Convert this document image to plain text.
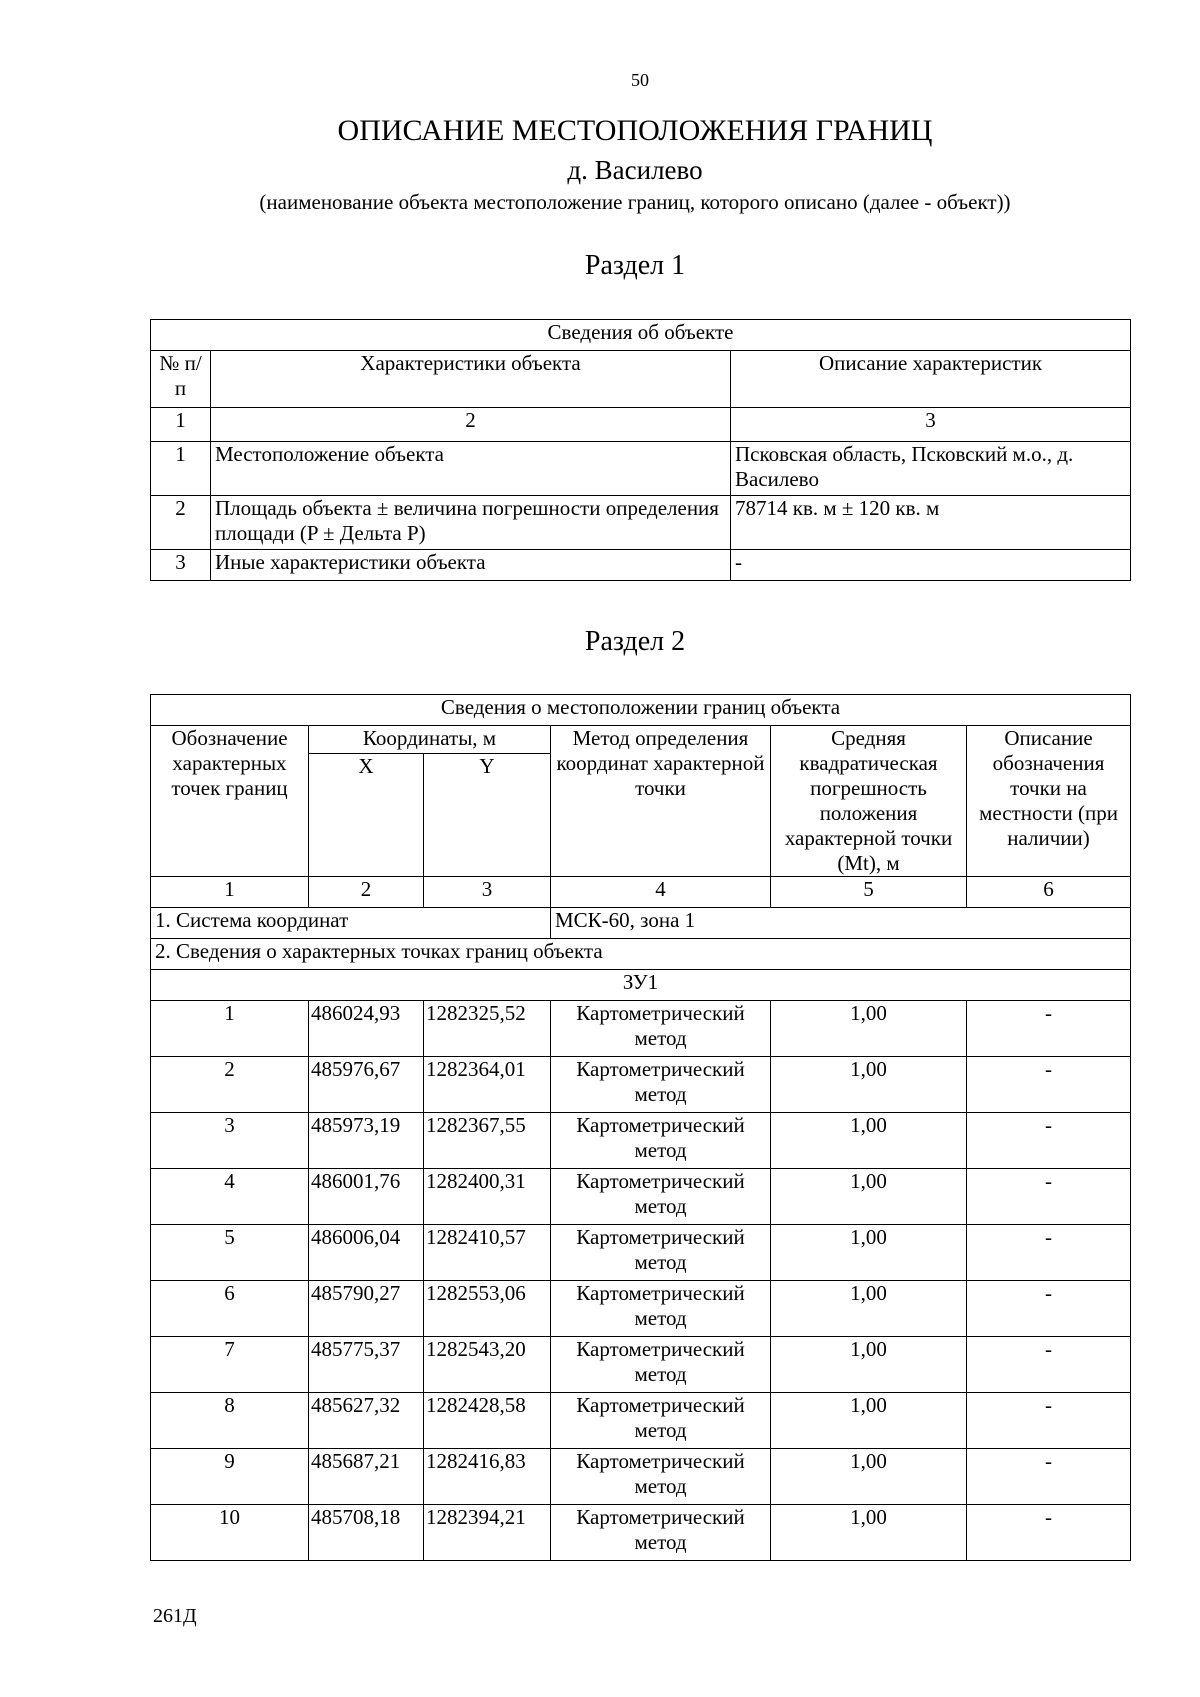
50
ОПИСАНИЕ МЕСТОПОЛОЖЕНИЯ ГРАНИЦ
д. Василево
(наименование объекта местоположение границ, которого описано (далее - объект))
Раздел 1
Сведения об объекте		
№ п/п	Характеристики объекта	Описание характеристик
1	2	3
1	Местоположение объекта	Псковская область, Псковский м.о., д. Василево
2	Площадь объекта ± величина погрешности определения площади (P ± Дельта P)	78714 кв. м ± 120 кв. м
3	Иные характеристики объекта	-
Раздел 2
Сведения о местоположении границ объекта					
Обозначение характерных точек границ	Координаты, м		Метод определения координат характерной точки	Средняя квадратическая погрешность положения характерной точки (Mt), м	Описание обозначения точки на местности (при наличии)
	X	Y			
1	2	3	4	5	6
1. Система координат			МСК-60, зона 1		
2. Сведения о характерных точках границ объекта					
ЗУ1					
1	486024,93	1282325,52	Картометрический метод	1,00	-
2	485976,67	1282364,01	Картометрический метод	1,00	-
3	485973,19	1282367,55	Картометрический метод	1,00	-
4	486001,76	1282400,31	Картометрический метод	1,00	-
5	486006,04	1282410,57	Картометрический метод	1,00	-
6	485790,27	1282553,06	Картометрический метод	1,00	-
7	485775,37	1282543,20	Картометрический метод	1,00	-
8	485627,32	1282428,58	Картометрический метод	1,00	-
9	485687,21	1282416,83	Картометрический метод	1,00	-
10	485708,18	1282394,21	Картометрический метод	1,00	-
261Д
